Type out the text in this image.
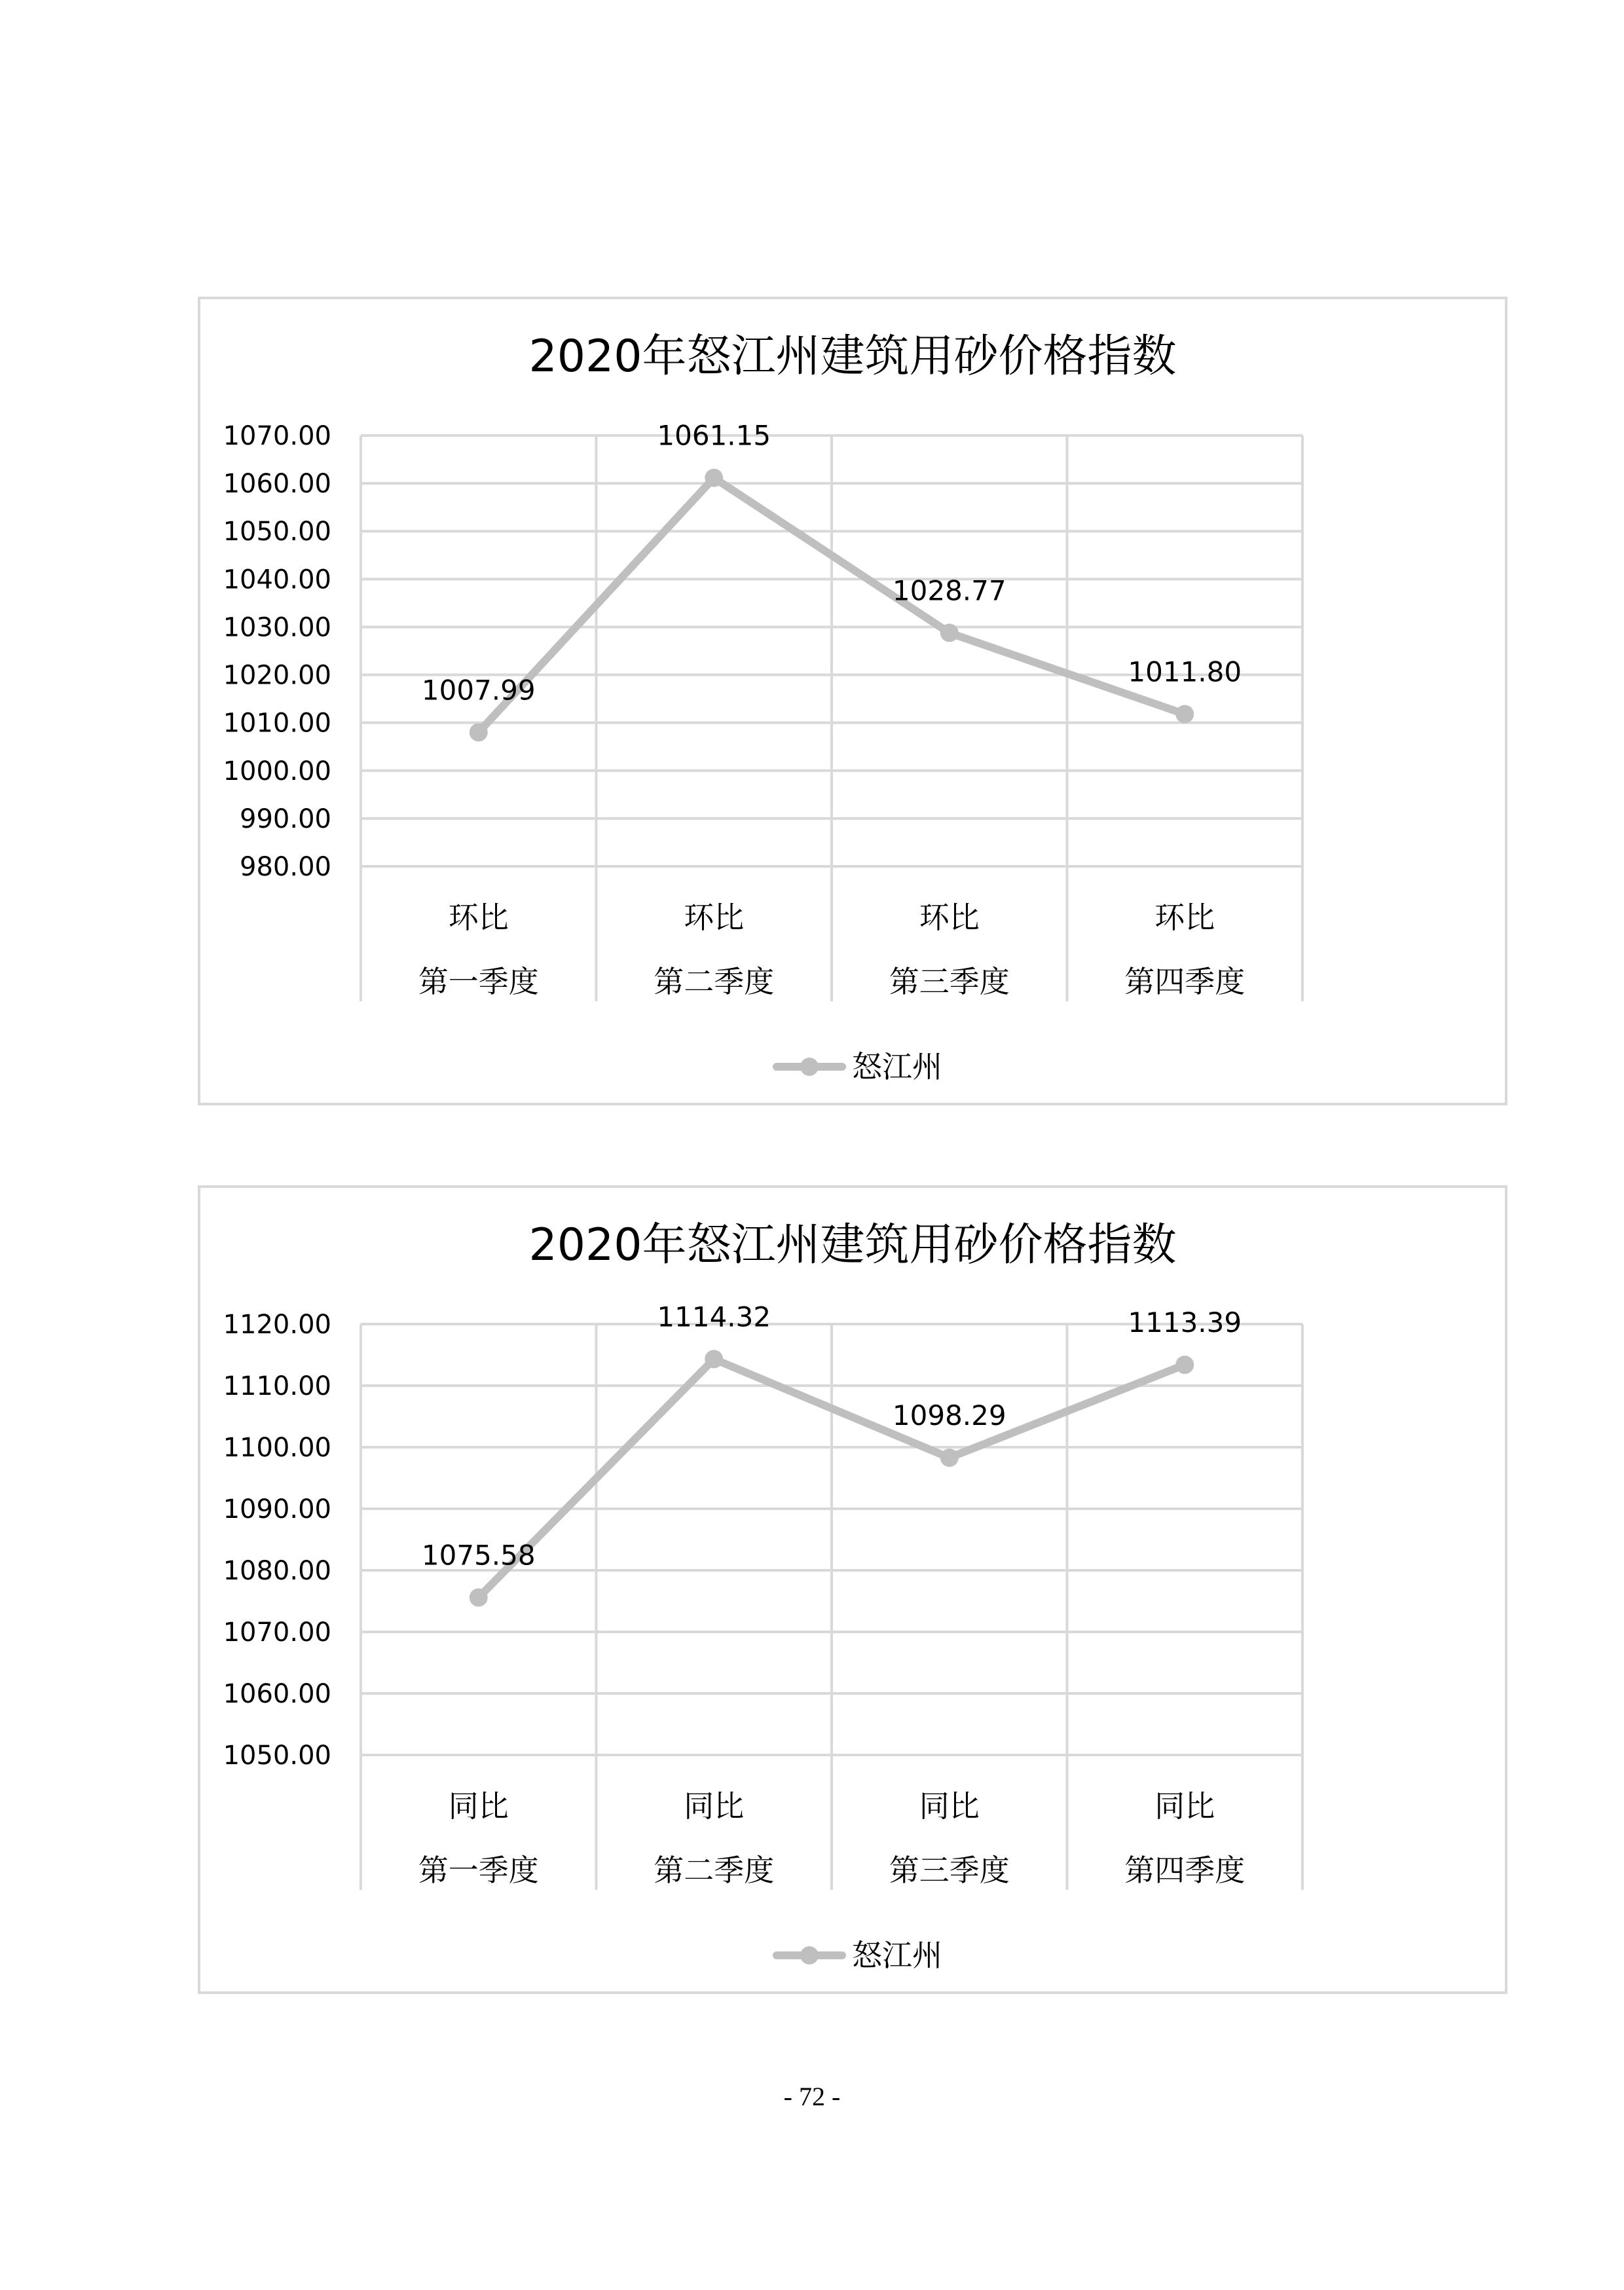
2020年怒江州建筑用砂价格指数
1070.00
1060.00
1050.00
1040.00
1030.00
1020.00
1010.00
1000.00
990.00
980.00
环比
第一季度
环比
第二季度
环比
第三季度
环比
第四季度
1007.99
1061.15
1028.77
1011.80
怒江州
2020年怒江州建筑用砂价格指数
1120.00
1110.00
1100.00
1090.00
1080.00
1070.00
1060.00
1050.00
同比
第一季度
同比
第二季度
同比
第三季度
同比
第四季度
1075.58
1114.32
1098.29
1113.39
怒江州
- 72 -
